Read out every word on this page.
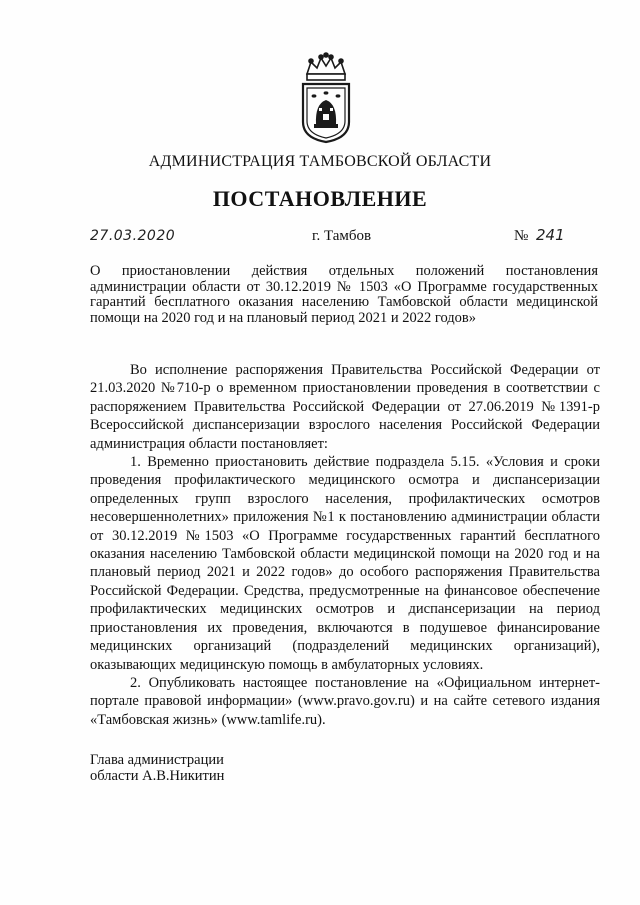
АДМИНИСТРАЦИЯ ТАМБОВСКОЙ ОБЛАСТИ
ПОСТАНОВЛЕНИЕ
27.03.2020	г. Тамбов	№ 241
О приостановлении действия отдельных положений постановления администрации области от 30.12.2019 № 1503 «О Программе государственных гарантий бесплатного оказания населению Тамбовской области медицинской помощи на 2020 год и на плановый период 2021 и 2022 годов»

Во исполнение распоряжения Правительства Российской Федерации от 21.03.2020 №710-р о временном приостановлении проведения в соответствии с распоряжением Правительства Российской Федерации от 27.06.2019 №1391-р Всероссийской диспансеризации взрослого населения Российской Федерации администрация области постановляет:

1. Временно приостановить действие подраздела 5.15. «Условия и сроки проведения профилактического медицинского осмотра и диспансеризации определенных групп взрослого населения, профилактических осмотров несовершеннолетних» приложения №1 к постановлению администрации области от 30.12.2019 №1503 «О Программе государственных гарантий бесплатного оказания населению Тамбовской области медицинской помощи на 2020 год и на плановый период 2021 и 2022 годов» до особого распоряжения Правительства Российской Федерации. Средства, предусмотренные на финансовое обеспечение профилактических медицинских осмотров и диспансеризации на период приостановления их проведения, включаются в подушевое финансирование медицинских организаций (подразделений медицинских организаций), оказывающих медицинскую помощь в амбулаторных условиях.

2. Опубликовать настоящее постановление на «Официальном интернет-портале правовой информации» (www.pravo.gov.ru) и на сайте сетевого издания «Тамбовская жизнь» (www.tamlife.ru).

Глава администрации
области А.В.Никитин
